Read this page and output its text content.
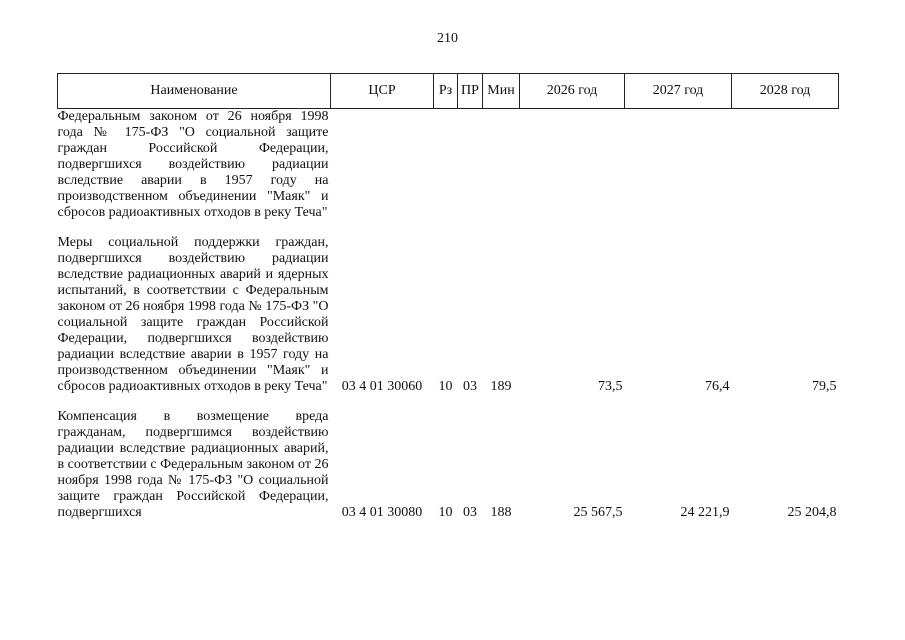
210
Наименование	ЦСР	Рз	ПР	Мин	2026 год	2027 год	2028 год
Федеральным законом от 26 ноября 1998 года № 175-ФЗ "О социальной защите граждан Российской Федерации, подвергшихся воздействию радиации вследствие аварии в 1957 году на производственном объединении "Маяк" и сбросов радиоактивных отходов в реку Теча"							

Меры социальной поддержки граждан, подвергшихся воздействию радиации вследствие радиационных аварий и ядерных испытаний, в соответствии с Федеральным законом от 26 ноября 1998 года № 175-ФЗ "О социальной защите граждан Российской Федерации, подвергшихся воздействию радиации вследствие аварии в 1957 году на производственном объединении "Маяк" и сбросов радиоактивных отходов в реку Теча"	03 4 01 30060	10	03	189	73,5	76,4	79,5

Компенсация в возмещение вреда гражданам, подвергшимся воздействию радиации вследствие радиационных аварий, в соответствии с Федеральным законом от 26 ноября 1998 года № 175-ФЗ "О социальной защите граждан Российской Федерации, подвергшихся	03 4 01 30080	10	03	188	25 567,5	24 221,9	25 204,8
